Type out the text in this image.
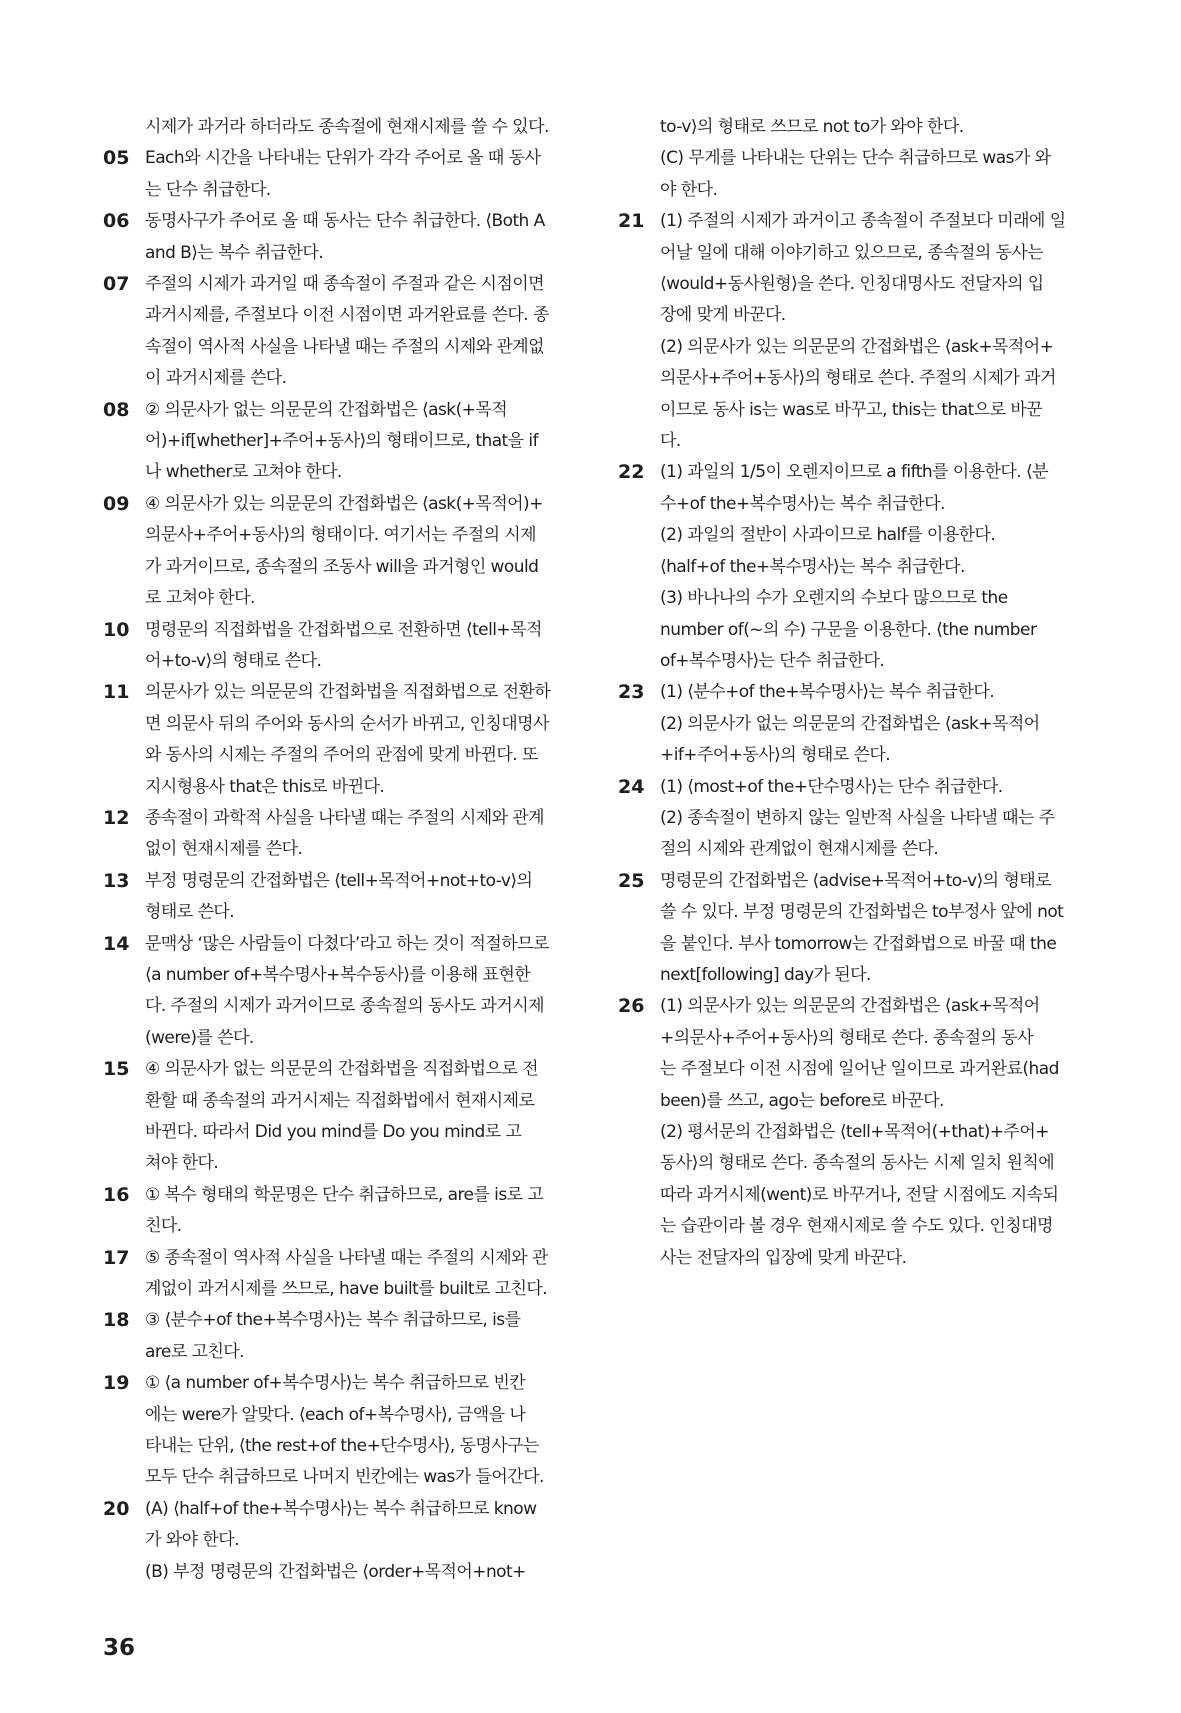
시제가 과거라 하더라도 종속절에 현재시제를 쓸 수 있다.
05 Each와 시간을 나타내는 단위가 각각 주어로 올 때 동사
는 단수 취급한다.
06 동명사구가 주어로 올 때 동사는 단수 취급한다. ⟨Both A
and B⟩는 복수 취급한다.
07 주절의 시제가 과거일 때 종속절이 주절과 같은 시점이면
과거시제를, 주절보다 이전 시점이면 과거완료를 쓴다. 종
속절이 역사적 사실을 나타낼 때는 주절의 시제와 관계없
이 과거시제를 쓴다.
08 ② 의문사가 없는 의문문의 간접화법은 ⟨ask(+목적
어)+if[whether]+주어+동사⟩의 형태이므로, that을 if
나 whether로 고쳐야 한다.
09 ④ 의문사가 있는 의문문의 간접화법은 ⟨ask(+목적어)+
의문사+주어+동사⟩의 형태이다. 여기서는 주절의 시제
가 과거이므로, 종속절의 조동사 will을 과거형인 would
로 고쳐야 한다.
10 명령문의 직접화법을 간접화법으로 전환하면 ⟨tell+목적
어+to-v⟩의 형태로 쓴다.
11 의문사가 있는 의문문의 간접화법을 직접화법으로 전환하
면 의문사 뒤의 주어와 동사의 순서가 바뀌고, 인칭대명사
와 동사의 시제는 주절의 주어의 관점에 맞게 바뀐다. 또
지시형용사 that은 this로 바뀐다.
12 종속절이 과학적 사실을 나타낼 때는 주절의 시제와 관계
없이 현재시제를 쓴다.
13 부정 명령문의 간접화법은 ⟨tell+목적어+not+to-v⟩의
형태로 쓴다.
14 문맥상 ‘많은 사람들이 다쳤다’라고 하는 것이 적절하므로
⟨a number of+복수명사+복수동사⟩를 이용해 표현한
다. 주절의 시제가 과거이므로 종속절의 동사도 과거시제
(were)를 쓴다.
15 ④ 의문사가 없는 의문문의 간접화법을 직접화법으로 전
환할 때 종속절의 과거시제는 직접화법에서 현재시제로
바뀐다. 따라서 Did you mind를 Do you mind로 고
쳐야 한다.
16 ① 복수 형태의 학문명은 단수 취급하므로, are를 is로 고
친다.
17 ⑤ 종속절이 역사적 사실을 나타낼 때는 주절의 시제와 관
계없이 과거시제를 쓰므로, have built를 built로 고친다.
18 ③ ⟨분수+of the+복수명사⟩는 복수 취급하므로, is를
are로 고친다.
19 ① ⟨a number of+복수명사⟩는 복수 취급하므로 빈칸
에는 were가 알맞다. ⟨each of+복수명사⟩, 금액을 나
타내는 단위, ⟨the rest+of the+단수명사⟩, 동명사구는
모두 단수 취급하므로 나머지 빈칸에는 was가 들어간다.
20 (A) ⟨half+of the+복수명사⟩는 복수 취급하므로 know
가 와야 한다.
(B) 부정 명령문의 간접화법은 ⟨order+목적어+not+
to-v⟩의 형태로 쓰므로 not to가 와야 한다.
(C) 무게를 나타내는 단위는 단수 취급하므로 was가 와
야 한다.
21 (1) 주절의 시제가 과거이고 종속절이 주절보다 미래에 일
어날 일에 대해 이야기하고 있으므로, 종속절의 동사는
⟨would+동사원형⟩을 쓴다. 인칭대명사도 전달자의 입
장에 맞게 바꾼다.
(2) 의문사가 있는 의문문의 간접화법은 ⟨ask+목적어+
의문사+주어+동사⟩의 형태로 쓴다. 주절의 시제가 과거
이므로 동사 is는 was로 바꾸고, this는 that으로 바꾼
다.
22 (1) 과일의 1/5이 오렌지이므로 a fifth를 이용한다. ⟨분
수+of the+복수명사⟩는 복수 취급한다.
(2) 과일의 절반이 사과이므로 half를 이용한다.
⟨half+of the+복수명사⟩는 복수 취급한다.
(3) 바나나의 수가 오렌지의 수보다 많으므로 the
number of(~의 수) 구문을 이용한다. ⟨the number
of+복수명사⟩는 단수 취급한다.
23 (1) ⟨분수+of the+복수명사⟩는 복수 취급한다.
(2) 의문사가 없는 의문문의 간접화법은 ⟨ask+목적어
+if+주어+동사⟩의 형태로 쓴다.
24 (1) ⟨most+of the+단수명사⟩는 단수 취급한다.
(2) 종속절이 변하지 않는 일반적 사실을 나타낼 때는 주
절의 시제와 관계없이 현재시제를 쓴다.
25 명령문의 간접화법은 ⟨advise+목적어+to-v⟩의 형태로
쓸 수 있다. 부정 명령문의 간접화법은 to부정사 앞에 not
을 붙인다. 부사 tomorrow는 간접화법으로 바꿀 때 the
next[following] day가 된다.
26 (1) 의문사가 있는 의문문의 간접화법은 ⟨ask+목적어
+의문사+주어+동사⟩의 형태로 쓴다. 종속절의 동사
는 주절보다 이전 시점에 일어난 일이므로 과거완료(had
been)를 쓰고, ago는 before로 바꾼다.
(2) 평서문의 간접화법은 ⟨tell+목적어(+that)+주어+
동사⟩의 형태로 쓴다. 종속절의 동사는 시제 일치 원칙에
따라 과거시제(went)로 바꾸거나, 전달 시점에도 지속되
는 습관이라 볼 경우 현재시제로 쓸 수도 있다. 인칭대명
사는 전달자의 입장에 맞게 바꾼다.
36
